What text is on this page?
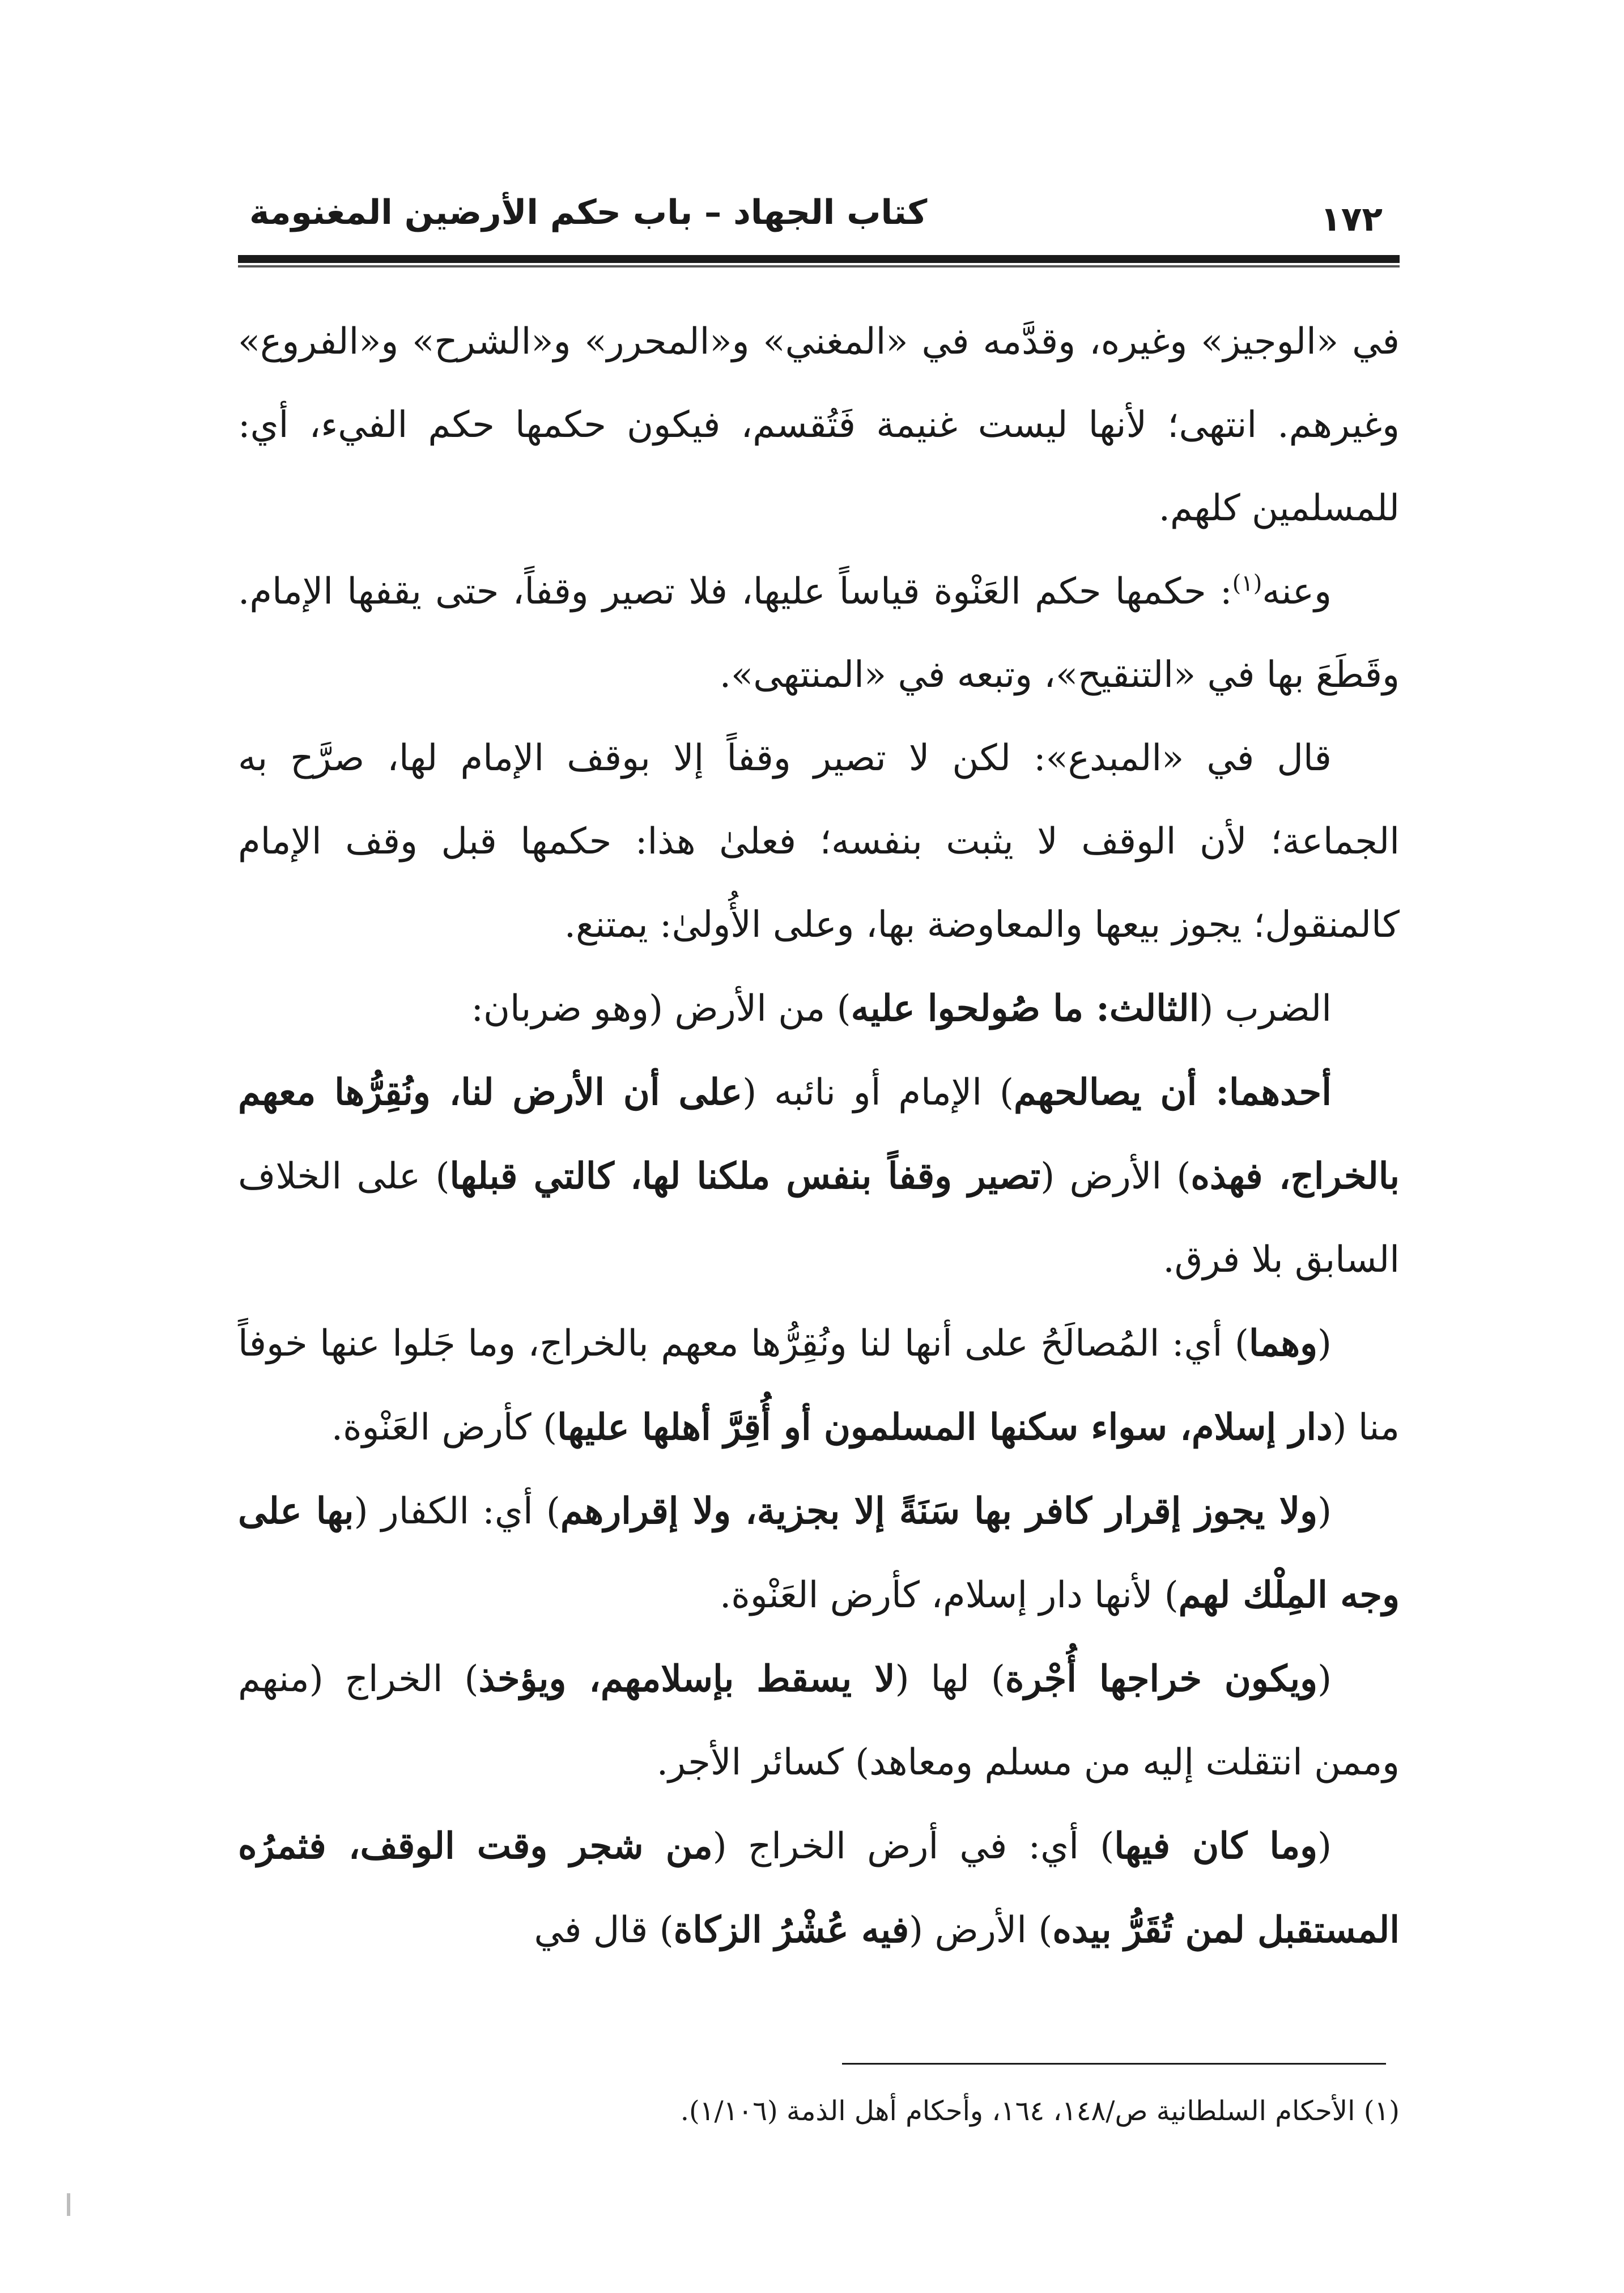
١٧٢
كتاب الجهاد – باب حكم الأرضين المغنومة

في «الوجيز» وغيره، وقدَّمه في «المغني» و«المحرر» و«الشرح» و«الفروع» وغيرهم. انتهى؛ لأنها ليست غنيمة فَتُقسم، فيكون حكمها حكم الفيء، أي: للمسلمين كلهم.

وعنه$^{(١)}$: حكمها حكم العَنْوة قياساً عليها، فلا تصير وقفاً، حتى يقفها الإمام. وقَطَعَ بها في «التنقيح»، وتبعه في «المنتهى».

قال في «المبدع»: لكن لا تصير وقفاً إلا بوقف الإمام لها، صرَّح به الجماعة؛ لأن الوقف لا يثبت بنفسه؛ فعلىٰ هذا: حكمها قبل وقف الإمام كالمنقول؛ يجوز بيعها والمعاوضة بها، وعلى الأُولىٰ: يمتنع.

الضرب (الثالث: ما صُولحوا عليه) من الأرض (وهو ضربان:

أحدهما: أن يصالحهم) الإمام أو نائبه (على أن الأرض لنا، ونُقِرُّها معهم بالخراج، فهذه) الأرض (تصير وقفاً بنفس ملكنا لها، كالتي قبلها) على الخلاف السابق بلا فرق.

(وهما) أي: المُصالَحُ على أنها لنا ونُقِرُّها معهم بالخراج، وما جَلوا عنها خوفاً منا (دار إسلام، سواء سكنها المسلمون أو أُقِرَّ أهلها عليها) كأرض العَنْوة.

(ولا يجوز إقرار كافر بها سَنَةً إلا بجزية، ولا إقرارهم) أي: الكفار (بها على وجه المِلْك لهم) لأنها دار إسلام، كأرض العَنْوة.

(ويكون خراجها أُجْرة) لها (لا يسقط بإسلامهم، ويؤخذ) الخراج (منهم وممن انتقلت إليه من مسلم ومعاهد) كسائر الأجر.

(وما كان فيها) أي: في أرض الخراج (من شجر وقت الوقف، فثمرُه المستقبل لمن تُقَرُّ بيده) الأرض (فيه عُشْرُ الزكاة) قال في

(١) الأحكام السلطانية ص/١٤٨، ١٦٤، وأحكام أهل الذمة (١/١٠٦).
